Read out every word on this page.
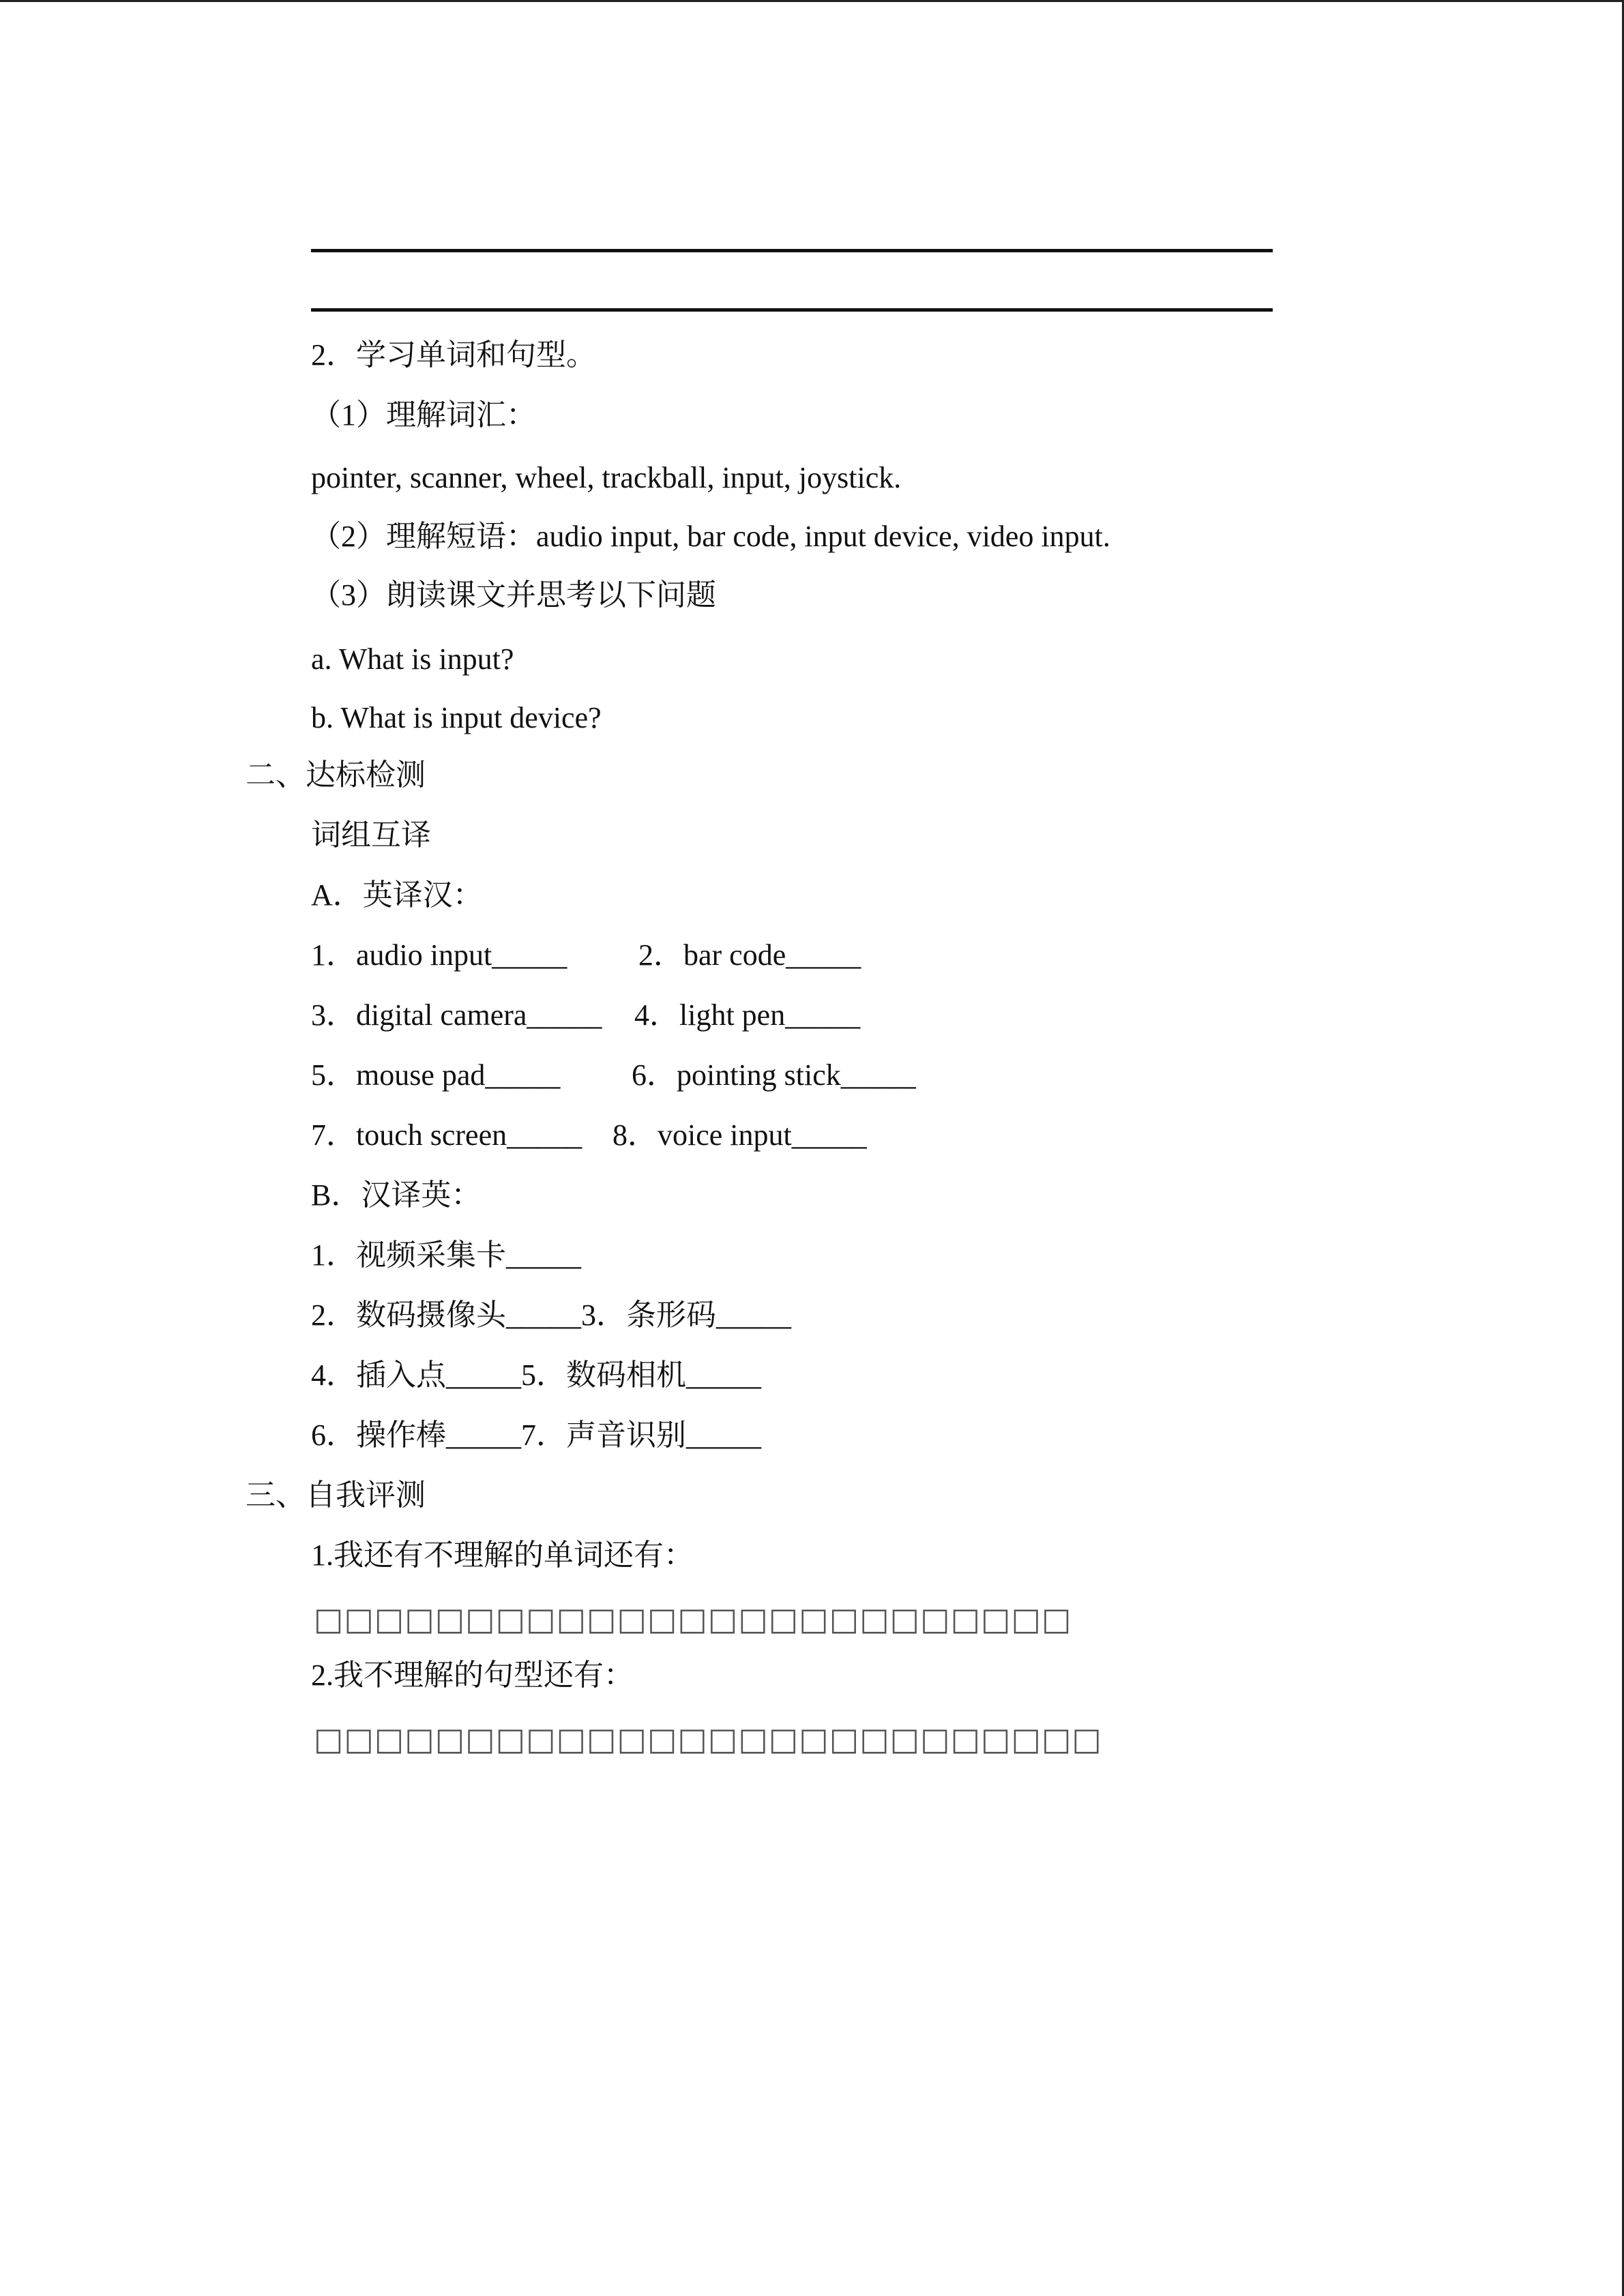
2．学习单词和句型。
（1）理解词汇：
pointer, scanner, wheel, trackball, input, joystick.
（2）理解短语：audio input, bar code, input device, video input.
（3）朗读课文并思考以下问题
a. What is input?
b. What is input device?
二、达标检测
词组互译
A．英译汉：
1．audio input_____ 2．bar code_____
3．digital camera_____ 4．light pen_____
5．mouse pad_____ 6．pointing stick_____
7．touch screen_____ 8．voice input_____
B．汉译英：
1．视频采集卡_____
2．数码摄像头_____3．条形码_____
4．插入点_____5．数码相机_____
6．操作棒_____7．声音识别_____
三、自我评测
1.我还有不理解的单词还有：
□□□□□□□□□□□□□□□□□□□□□□□□□
2.我不理解的句型还有：
□□□□□□□□□□□□□□□□□□□□□□□□□□
